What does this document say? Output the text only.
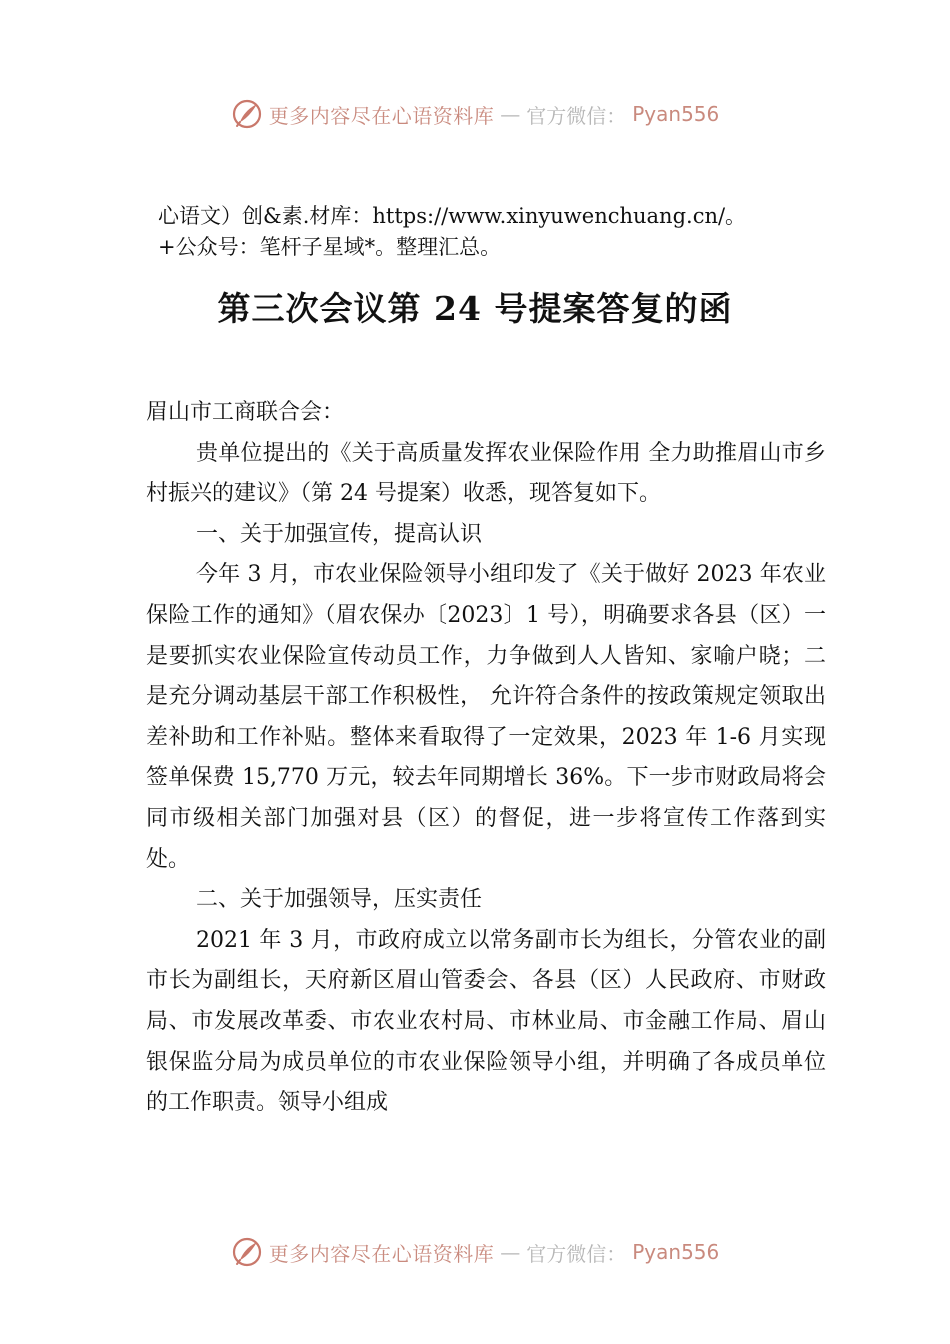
更多内容尽在心语资料库 — 官方微信： Pyan556
心语文）创&素.材库：https://www.xinyuwenchuang.cn/。
+公众号：笔杆子星域*。整理汇总。
第三次会议第 24 号提案答复的函

眉山市工商联合会：

贵单位提出的《关于高质量发挥农业保险作用 全力助推眉山市乡村振兴的建议》（第 24 号提案）收悉，现答复如下。

一、关于加强宣传，提高认识

今年 3 月，市农业保险领导小组印发了《关于做好 2023 年农业保险工作的通知》（眉农保办〔2023〕1 号），明确要求各县（区）一是要抓实农业保险宣传动员工作，力争做到人人皆知、家喻户晓；二是充分调动基层干部工作积极性， 允许符合条件的按政策规定领取出差补助和工作补贴。整体来看取得了一定效果，2023 年 1-6 月实现签单保费 15,770 万元，较去年同期增长 36%。下一步市财政局将会同市级相关部门加强对县（区）的督促，进一步将宣传工作落到实处。

二、关于加强领导，压实责任

2021 年 3 月，市政府成立以常务副市长为组长，分管农业的副市长为副组长，天府新区眉山管委会、各县（区）人民政府、市财政局、市发展改革委、市农业农村局、市林业局、市金融工作局、眉山银保监分局为成员单位的市农业保险领导小组，并明确了各成员单位的工作职责。领导小组成

更多内容尽在心语资料库 — 官方微信： Pyan556
